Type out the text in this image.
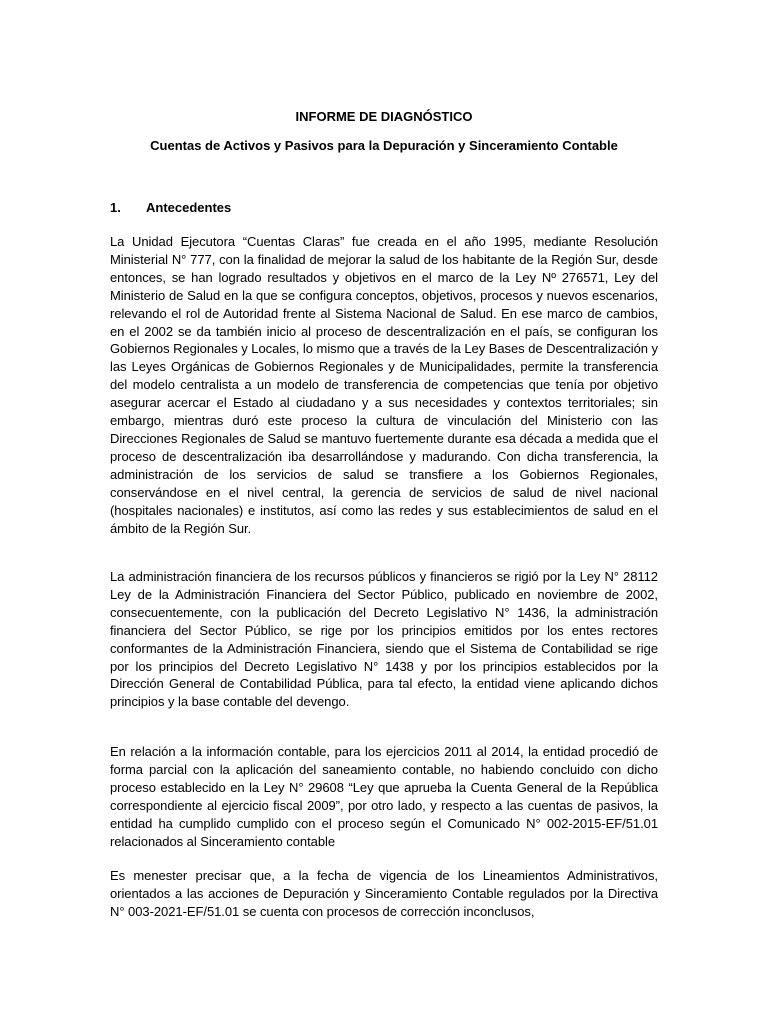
INFORME DE DIAGNÓSTICO
Cuentas de Activos y Pasivos para la Depuración y Sinceramiento Contable
1. Antecedentes

La Unidad Ejecutora “Cuentas Claras” fue creada en el año 1995, mediante Resolución Ministerial N° 777, con la finalidad de mejorar la salud de los habitante de la Región Sur, desde entonces, se han logrado resultados y objetivos en el marco de la Ley Nº 276571, Ley del Ministerio de Salud en la que se configura conceptos, objetivos, procesos y nuevos escenarios, relevando el rol de Autoridad frente al Sistema Nacional de Salud. En ese marco de cambios, en el 2002 se da también inicio al proceso de descentralización en el país, se configuran los Gobiernos Regionales y Locales, lo mismo que a través de la Ley Bases de Descentralización y las Leyes Orgánicas de Gobiernos Regionales y de Municipalidades, permite la transferencia del modelo centralista a un modelo de transferencia de competencias que tenía por objetivo asegurar acercar el Estado al ciudadano y a sus necesidades y contextos territoriales; sin embargo, mientras duró este proceso la cultura de vinculación del Ministerio con las Direcciones Regionales de Salud se mantuvo fuertemente durante esa década a medida que el proceso de descentralización iba desarrollándose y madurando. Con dicha transferencia, la administración de los servicios de salud se transfiere a los Gobiernos Regionales, conservándose en el nivel central, la gerencia de servicios de salud de nivel nacional (hospitales nacionales) e institutos, así como las redes y sus establecimientos de salud en el ámbito de la Región Sur.

La administración financiera de los recursos públicos y financieros se rigió por la Ley N° 28112 Ley de la Administración Financiera del Sector Público, publicado en noviembre de 2002, consecuentemente, con la publicación del Decreto Legislativo N° 1436, la administración financiera del Sector Público, se rige por los principios emitidos por los entes rectores conformantes de la Administración Financiera, siendo que el Sistema de Contabilidad se rige por los principios del Decreto Legislativo N° 1438 y por los principios establecidos por la Dirección General de Contabilidad Pública, para tal efecto, la entidad viene aplicando dichos principios y la base contable del devengo.

En relación a la información contable, para los ejercicios 2011 al 2014, la entidad procedió de forma parcial con la aplicación del saneamiento contable, no habiendo concluido con dicho proceso establecido en la Ley N° 29608 “Ley que aprueba la Cuenta General de la República correspondiente al ejercicio fiscal 2009”, por otro lado, y respecto a las cuentas de pasivos, la entidad ha cumplido cumplido con el proceso según el Comunicado N° 002-2015-EF/51.01 relacionados al Sinceramiento contable

Es menester precisar que, a la fecha de vigencia de los Lineamientos Administrativos, orientados a las acciones de Depuración y Sinceramiento Contable regulados por la Directiva N° 003-2021-EF/51.01 se cuenta con procesos de corrección inconclusos,
